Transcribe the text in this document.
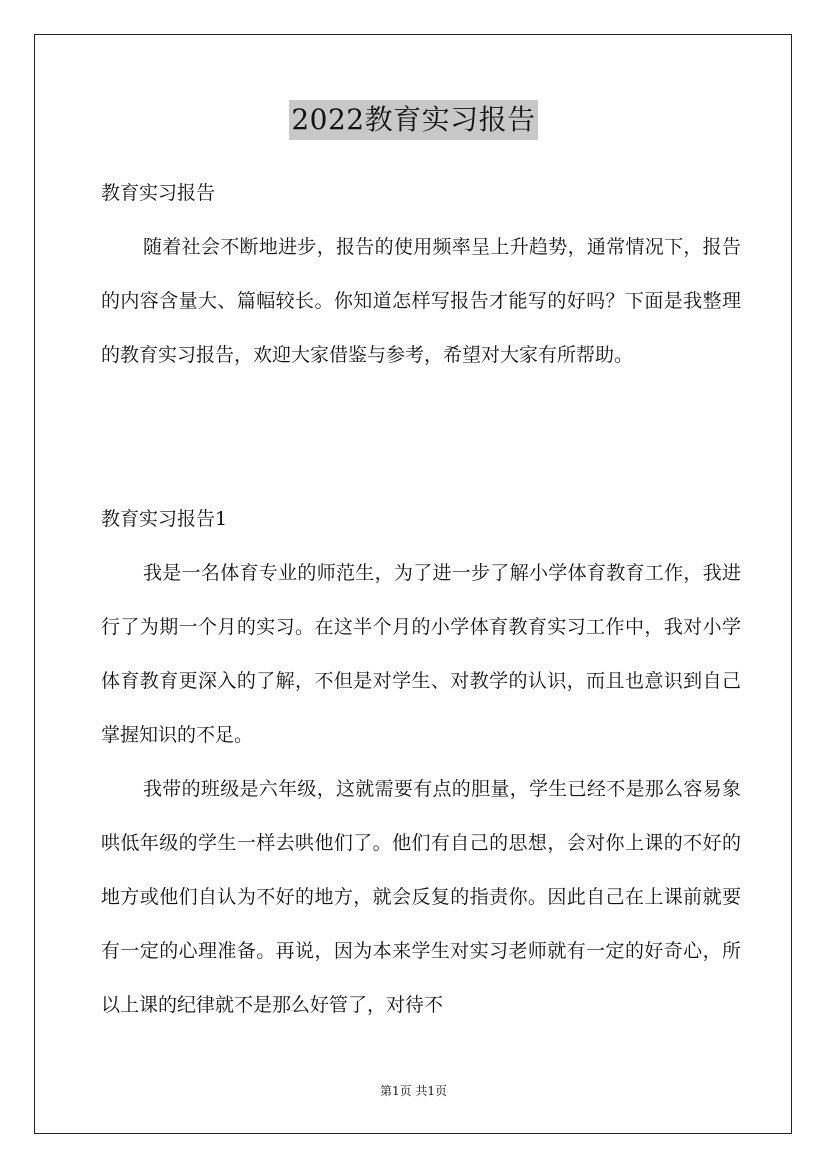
2022教育实习报告
教育实习报告
随着社会不断地进步，报告的使用频率呈上升趋势，通常情况下，报告的内容含量大、篇幅较长。你知道怎样写报告才能写的好吗？下面是我整理的教育实习报告，欢迎大家借鉴与参考，希望对大家有所帮助。
教育实习报告1
我是一名体育专业的师范生，为了进一步了解小学体育教育工作，我进行了为期一个月的实习。在这半个月的小学体育教育实习工作中，我对小学体育教育更深入的了解，不但是对学生、对教学的认识，而且也意识到自己掌握知识的不足。
我带的班级是六年级，这就需要有点的胆量，学生已经不是那么容易象哄低年级的学生一样去哄他们了。他们有自己的思想，会对你上课的不好的地方或他们自认为不好的地方，就会反复的指责你。因此自己在上课前就要有一定的心理准备。再说，因为本来学生对实习老师就有一定的好奇心，所以上课的纪律就不是那么好管了，对待不
第1页 共1页
